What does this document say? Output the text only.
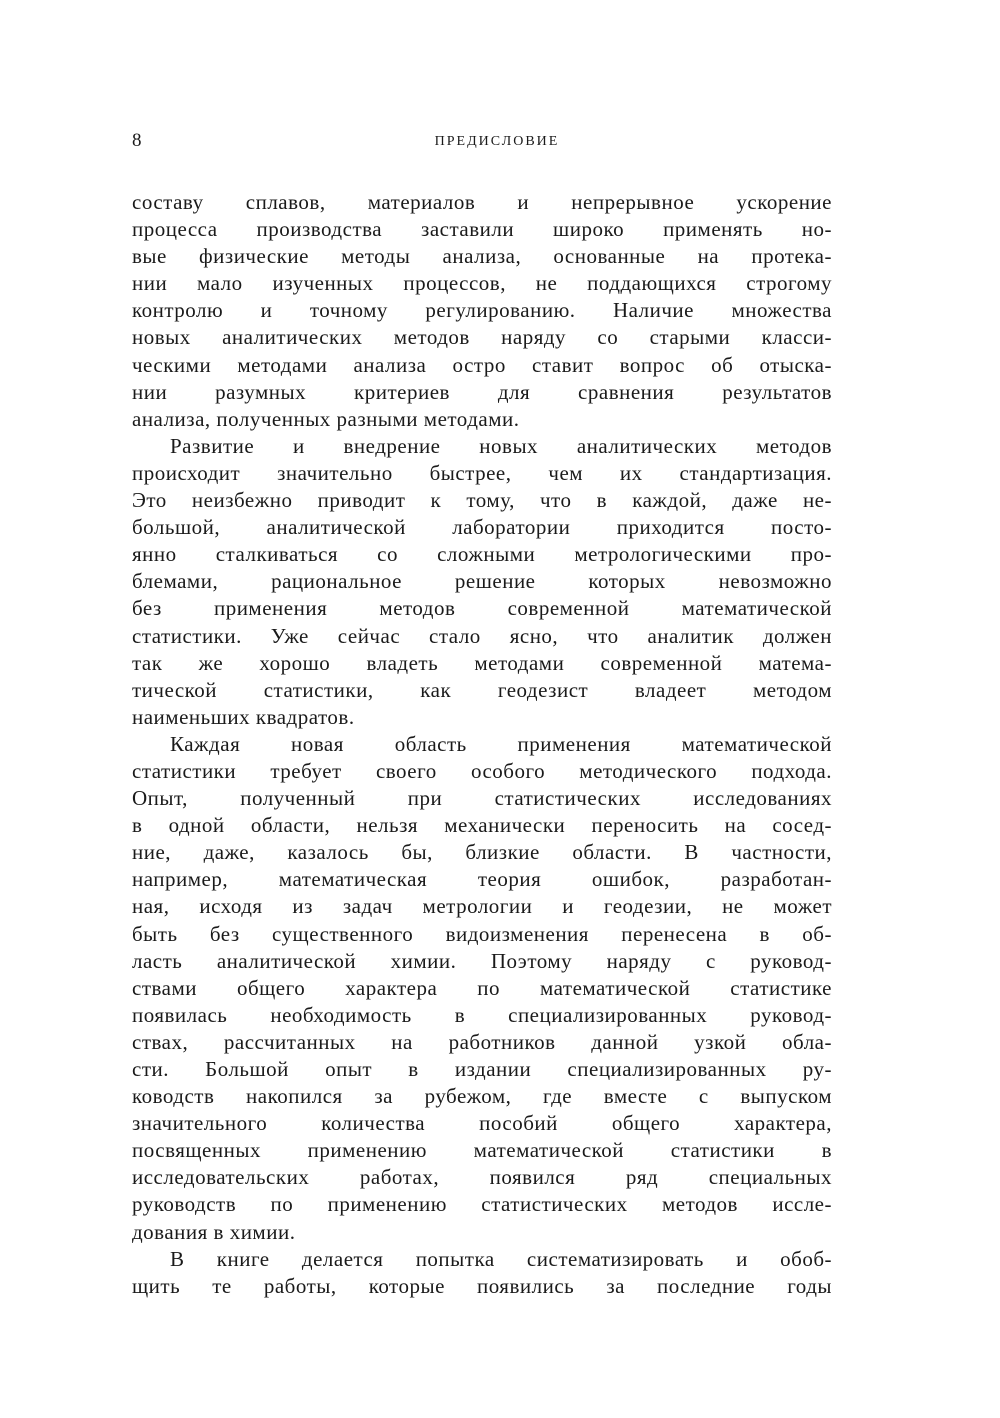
8	ПРЕДИСЛОВИЕ
составу сплавов, материалов и непрерывное ускорение
процесса производства заставили широко применять но-
вые физические методы анализа, основанные на протека-
нии мало изученных процессов, не поддающихся строгому
контролю и точному регулированию. Наличие множества
новых аналитических методов наряду со старыми класси-
ческими методами анализа остро ставит вопрос об отыска-
нии разумных критериев для сравнения результатов
анализа, полученных разными методами.
Развитие и внедрение новых аналитических методов
происходит значительно быстрее, чем их стандартизация.
Это неизбежно приводит к тому, что в каждой, даже не-
большой, аналитической лаборатории приходится посто-
янно сталкиваться со сложными метрологическими про-
блемами, рациональное решение которых невозможно
без применения методов современной математической
статистики. Уже сейчас стало ясно, что аналитик должен
так же хорошо владеть методами современной матема-
тической статистики, как геодезист владеет методом
наименьших квадратов.
Каждая новая область применения математической
статистики требует своего особого методического подхода.
Опыт, полученный при статистических исследованиях
в одной области, нельзя механически переносить на сосед-
ние, даже, казалось бы, близкие области. В частности,
например, математическая теория ошибок, разработан-
ная, исходя из задач метрологии и геодезии, не может
быть без существенного видоизменения перенесена в об-
ласть аналитической химии. Поэтому наряду с руковод-
ствами общего характера по математической статистике
появилась необходимость в специализированных руковод-
ствах, рассчитанных на работников данной узкой обла-
сти. Большой опыт в издании специализированных ру-
ководств накопился за рубежом, где вместе с выпуском
значительного количества пособий общего характера,
посвященных применению математической статистики в
исследовательских работах, появился ряд специальных
руководств по применению статистических методов иссле-
дования в химии.
В книге делается попытка систематизировать и обоб-
щить те работы, которые появились за последние годы
